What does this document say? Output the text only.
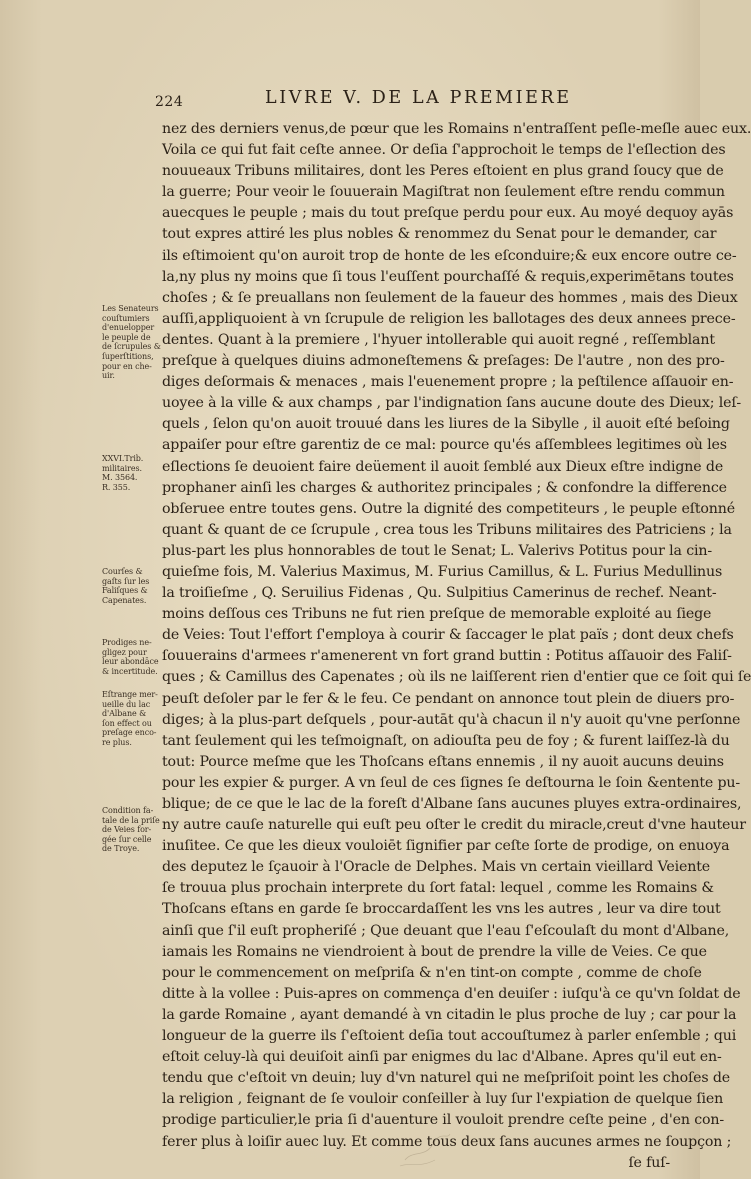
224	LIVRE V. DE LA PREMIERE
nez des derniers venus,de pœur que les Romains n'entraſſent peſle-meſle auec eux.
Voila ce qui fut fait ceſte annee. Or deſia ſ'approchoit le temps de l'eſlection des
nouueaux Tribuns militaires, dont les Peres eſtoient en plus grand ſoucy que de
la guerre; Pour veoir le ſouuerain Magiſtrat non ſeulement eſtre rendu commun
auecques le peuple ; mais du tout preſque perdu pour eux. Au moyé dequoy ayās
tout expres attiré les plus nobles & renommez du Senat pour le demander, car
ils eſtimoient qu'on auroit trop de honte de les eſconduire;& eux encore outre ce-
la,ny plus ny moins que ſi tous l'euſſent pourchaſſé & requis,experimētans toutes
choſes ; & ſe preuallans non ſeulement de la faueur des hommes , mais des Dieux
auſſi,appliquoient à vn ſcrupule de religion les ballotages des deux annees prece-
dentes. Quant à la premiere , l'hyuer intollerable qui auoit regné , reſſemblant
preſque à quelques diuins admoneſtemens & preſages: De l'autre , non des pro-
diges deſormais & menaces , mais l'euenement propre ; la peſtilence aſſauoir en-
uoyee à la ville & aux champs , par l'indignation ſans aucune doute des Dieux; leſ-
quels , ſelon qu'on auoit trouué dans les liures de la Sibylle , il auoit eſté beſoing
appaiſer pour eſtre garentiz de ce mal: pource qu'és aſſemblees legitimes où les
eſlections ſe deuoient faire deüement il auoit ſemblé aux Dieux eſtre indigne de
prophaner ainſi les charges & authoritez principales ; & confondre la difference
obſeruee entre toutes gens. Outre la dignité des competiteurs , le peuple eſtonné
quant & quant de ce ſcrupule , crea tous les Tribuns militaires des Patriciens ; la
plus-part les plus honnorables de tout le Senat; L. Valerivs Potitus pour la cin-
quieſme fois, M. Valerius Maximus, M. Furius Camillus, & L. Furius Medullinus
la troiſieſme , Q. Seruilius Fidenas , Qu. Sulpitius Camerinus de rechef. Neant-
moins deſſous ces Tribuns ne fut rien preſque de memorable exploité au ſiege
de Veies: Tout l'effort ſ'employa à courir & ſaccager le plat païs ; dont deux chefs
ſouuerains d'armees r'amenerent vn fort grand buttin : Potitus aſſauoir des Faliſ-
ques ; & Camillus des Capenates ; où ils ne laiſſerent rien d'entier que ce ſoit qui ſe
peuſt deſoler par le fer & le feu. Ce pendant on annonce tout plein de diuers pro-
diges; à la plus-part deſquels , pour-autāt qu'à chacun il n'y auoit qu'vne perſonne
tant ſeulement qui les teſmoignaſt, on adiouſta peu de foy ; & furent laiſſez-là du
tout: Pource meſme que les Thoſcans eſtans ennemis , il ny auoit aucuns deuins
pour les expier & purger. A vn ſeul de ces ſignes ſe deſtourna le ſoin &entente pu-
blique; de ce que le lac de la foreſt d'Albane ſans aucunes pluyes extra-ordinaires,
ny autre cauſe naturelle qui euſt peu oſter le credit du miracle,creut d'vne hauteur
inuſitee. Ce que les dieux vouloiēt ſignifier par ceſte ſorte de prodige, on enuoya
des deputez le ſçauoir à l'Oracle de Delphes. Mais vn certain vieillard Veiente
ſe trouua plus prochain interprete du ſort fatal: lequel , comme les Romains &
Thoſcans eſtans en garde ſe broccardaſſent les vns les autres , leur va dire tout
ainſi que ſ'il euſt propheriſé ; Que deuant que l'eau ſ'eſcoulaſt du mont d'Albane,
iamais les Romains ne viendroient à bout de prendre la ville de Veies. Ce que
pour le commencement on meſpriſa & n'en tint-on compte , comme de choſe
ditte à la vollee : Puis-apres on commença d'en deuiſer : iuſqu'à ce qu'vn ſoldat de
la garde Romaine , ayant demandé à vn citadin le plus proche de luy ; car pour la
longueur de la guerre ils ſ'eſtoient deſia tout accouſtumez à parler enſemble ; qui
eſtoit celuy-là qui deuiſoit ainſi par enigmes du lac d'Albane. Apres qu'il eut en-
tendu que c'eſtoit vn deuin; luy d'vn naturel qui ne meſpriſoit point les choſes de
la religion , feignant de ſe vouloir conſeiller à luy ſur l'expiation de quelque ſien
prodige particulier,le pria ſi d'auenture il vouloit prendre ceſte peine , d'en con-
ferer plus à loiſir auec luy. Et comme tous deux ſans aucunes armes ne ſoupçon ;
ſe fuſ-
Les Senateurs
couſtumiers
d'enuelopper
le peuple de
de ſcrupules &
ſuperſtitions,
pour en che-
uir.
XXVI.Trib.
militaires.
M. 3564.
R. 355.
Courſes &
gaſts ſur les
Faliſques &
Capenates.
Prodiges ne-
gligez pour
leur abondāce
& incertitude.
Eſtrange mer-
ueille du lac
d'Albane &
ſon effect ou
preſage enco-
re plus.
Condition fa-
tale de la priſe
de Veies for-
gée ſur celle
de Troye.
